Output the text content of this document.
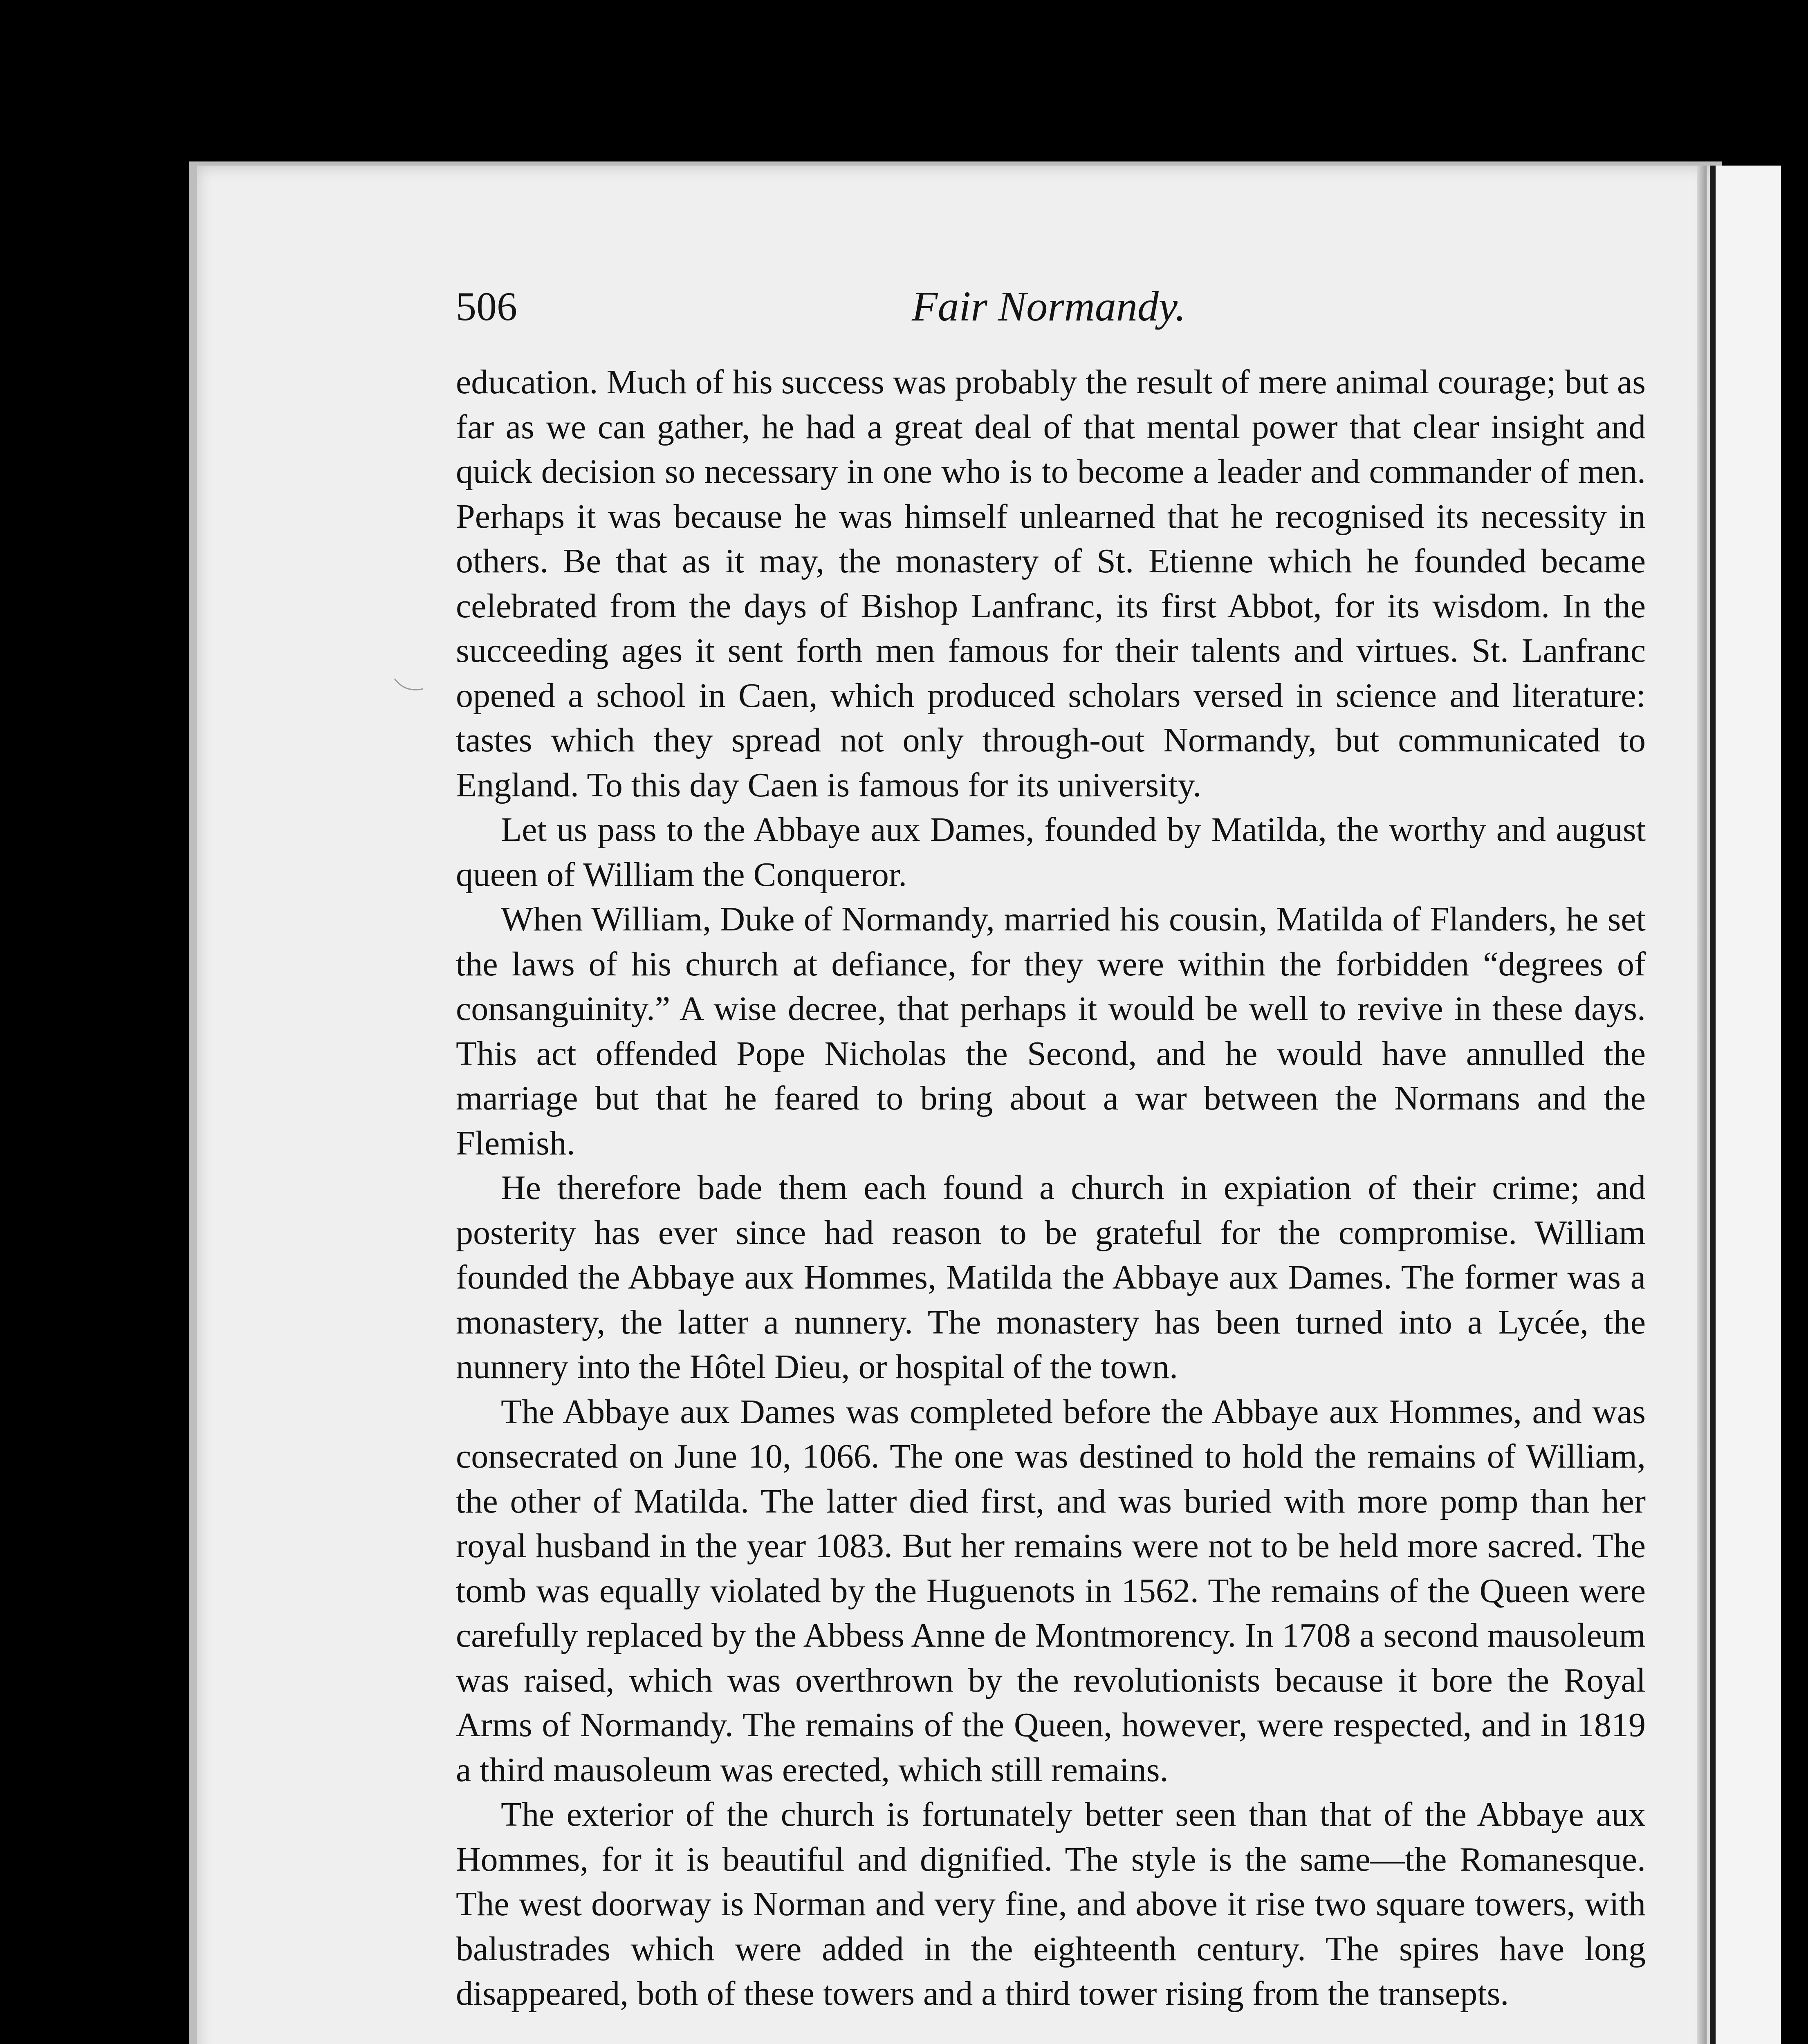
506	Fair Normandy.

education. Much of his success was probably the result of mere animal courage; but as far as we can gather, he had a great deal of that mental power that clear insight and quick decision so necessary in one who is to become a leader and commander of men. Perhaps it was because he was himself unlearned that he recognised its necessity in others. Be that as it may, the monastery of St. Etienne which he founded became celebrated from the days of Bishop Lanfranc, its first Abbot, for its wisdom. In the succeeding ages it sent forth men famous for their talents and virtues. St. Lanfranc opened a school in Caen, which produced scholars versed in science and literature: tastes which they spread not only through-out Normandy, but communicated to England. To this day Caen is famous for its university.

Let us pass to the Abbaye aux Dames, founded by Matilda, the worthy and august queen of William the Conqueror.

When William, Duke of Normandy, married his cousin, Matilda of Flanders, he set the laws of his church at defiance, for they were within the forbidden “degrees of consanguinity.” A wise decree, that perhaps it would be well to revive in these days. This act offended Pope Nicholas the Second, and he would have annulled the marriage but that he feared to bring about a war between the Normans and the Flemish.

He therefore bade them each found a church in expiation of their crime; and posterity has ever since had reason to be grateful for the compromise. William founded the Abbaye aux Hommes, Matilda the Abbaye aux Dames. The former was a monastery, the latter a nunnery. The monastery has been turned into a Lycée, the nunnery into the Hôtel Dieu, or hospital of the town.

The Abbaye aux Dames was completed before the Abbaye aux Hommes, and was consecrated on June 10, 1066. The one was destined to hold the remains of William, the other of Matilda. The latter died first, and was buried with more pomp than her royal husband in the year 1083. But her remains were not to be held more sacred. The tomb was equally violated by the Huguenots in 1562. The remains of the Queen were carefully replaced by the Abbess Anne de Montmorency. In 1708 a second mausoleum was raised, which was overthrown by the revolutionists because it bore the Royal Arms of Normandy. The remains of the Queen, however, were respected, and in 1819 a third mausoleum was erected, which still remains.

The exterior of the church is fortunately better seen than that of the Abbaye aux Hommes, for it is beautiful and dignified. The style is the same—the Romanesque. The west doorway is Norman and very fine, and above it rise two square towers, with balustrades which were added in the eighteenth century. The spires have long disappeared, both of these towers and a third tower rising from the transepts.
